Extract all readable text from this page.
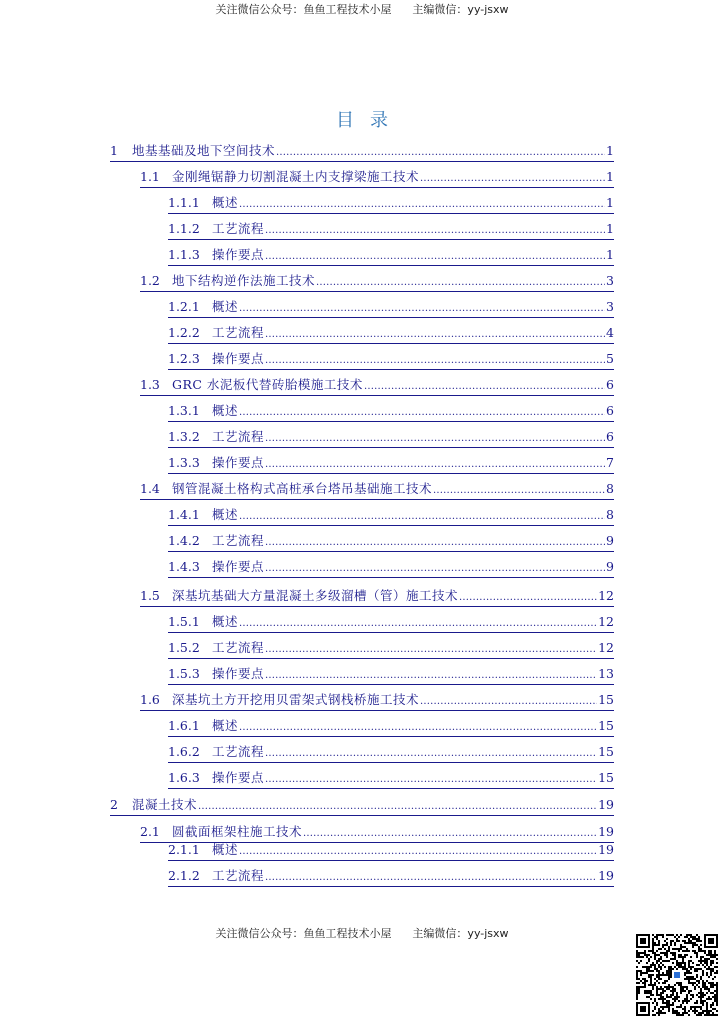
关注微信公众号：鱼鱼工程技术小屋      主编微信：yy-jsxw
目录
1	地基基础及地下空间技术 .....	1
1.1 金刚绳锯静力切割混凝土内支撑梁施工技术 .....	1
1.1.1 概述 .....	1
1.1.2 工艺流程 .....	1
1.1.3 操作要点 .....	1
1.2 地下结构逆作法施工技术 .....	3
1.2.1 概述 .....	3
1.2.2 工艺流程 .....	4
1.2.3 操作要点 .....	5
1.3 GRC 水泥板代替砖胎模施工技术 .....	6
1.3.1 概述 .....	6
1.3.2 工艺流程 .....	6
1.3.3 操作要点 .....	7
1.4 钢管混凝土格构式高桩承台塔吊基础施工技术 .....	8
1.4.1 概述 .....	8
1.4.2 工艺流程 .....	9
1.4.3 操作要点 .....	9
1.5 深基坑基础大方量混凝土多级溜槽（管）施工技术 .....	12
1.5.1 概述 .....	12
1.5.2 工艺流程 .....	12
1.5.3 操作要点 .....	13
1.6 深基坑土方开挖用贝雷架式钢栈桥施工技术 .....	15
1.6.1 概述 .....	15
1.6.2 工艺流程 .....	15
1.6.3 操作要点 .....	15
2	混凝土技术 .....	19
2.1 圆截面框架柱施工技术 .....	19
2.1.1 概述 .....	19
2.1.2 工艺流程 .....	19
关注微信公众号：鱼鱼工程技术小屋      主编微信：yy-jsxw
